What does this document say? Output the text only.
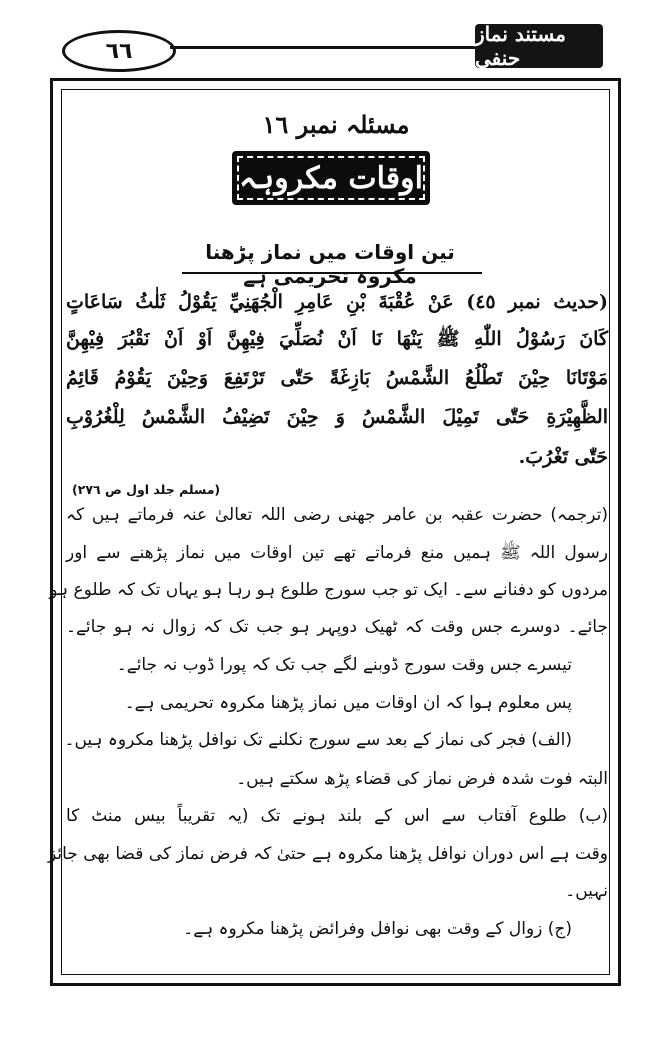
٦٦
مستند نماز حنفی
مسئلہ نمبر ١٦
اوقات مکروہہ
تین اوقات میں نماز پڑھنا مکروہ تحریمی ہے
(حدیث نمبر ٤٥) عَنْ عُقْبَةَ بْنِ عَامِرِ الْجُهَنِيِّ يَقُوْلُ ثَلٰثُ سَاعَاتٍ
كَانَ رَسُوْلُ اللّٰهِ ﷺ يَنْهَا نَا اَنْ نُصَلِّيَ فِيْهِنَّ اَوْ اَنْ نَقْبُرَ فِيْهِنَّ
مَوْتَانَا حِيْنَ تَطْلُعُ الشَّمْسُ بَازِغَةً حَتّٰى تَرْتَفِعَ وَحِيْنَ يَقُوْمُ قَائِمُ
الظَّهِيْرَةِ حَتّٰى تَمِيْلَ الشَّمْسُ وَ حِيْنَ تَضِيْفُ الشَّمْسُ لِلْغُرُوْبِ
حَتّٰى تَغْرُبَ.
(مسلم جلد اول ص ٢٧٦)
(ترجمہ) حضرت عقبہ بن عامر جھنی رضی اللہ تعالیٰ عنہ فرماتے ہیں کہ
رسول اللہ ﷺ ہمیں منع فرماتے تھے تین اوقات میں نماز پڑھنے سے اور
مردوں کو دفنانے سے۔ ایک تو جب سورج طلوع ہو رہا ہو یہاں تک کہ طلوع ہو
جائے۔ دوسرے جس وقت کہ ٹھیک دوپہر ہو جب تک کہ زوال نہ ہو جائے۔
تیسرے جس وقت سورج ڈوبنے لگے جب تک کہ پورا ڈوب نہ جائے۔
پس معلوم ہوا کہ ان اوقات میں نماز پڑھنا مکروہ تحریمی ہے۔
(الف) فجر کی نماز کے بعد سے سورج نکلنے تک نوافل پڑھنا مکروہ ہیں۔
البتہ فوت شدہ فرض نماز کی قضاء پڑھ سکتے ہیں۔
(ب) طلوع آفتاب سے اس کے بلند ہونے تک (یہ تقریباً بیس منٹ کا
وقت ہے اس دوران نوافل پڑھنا مکروہ ہے حتیٰ کہ فرض نماز کی قضا بھی جائز
نہیں۔
(ج) زوال کے وقت بھی نوافل وفرائض پڑھنا مکروہ ہے۔
